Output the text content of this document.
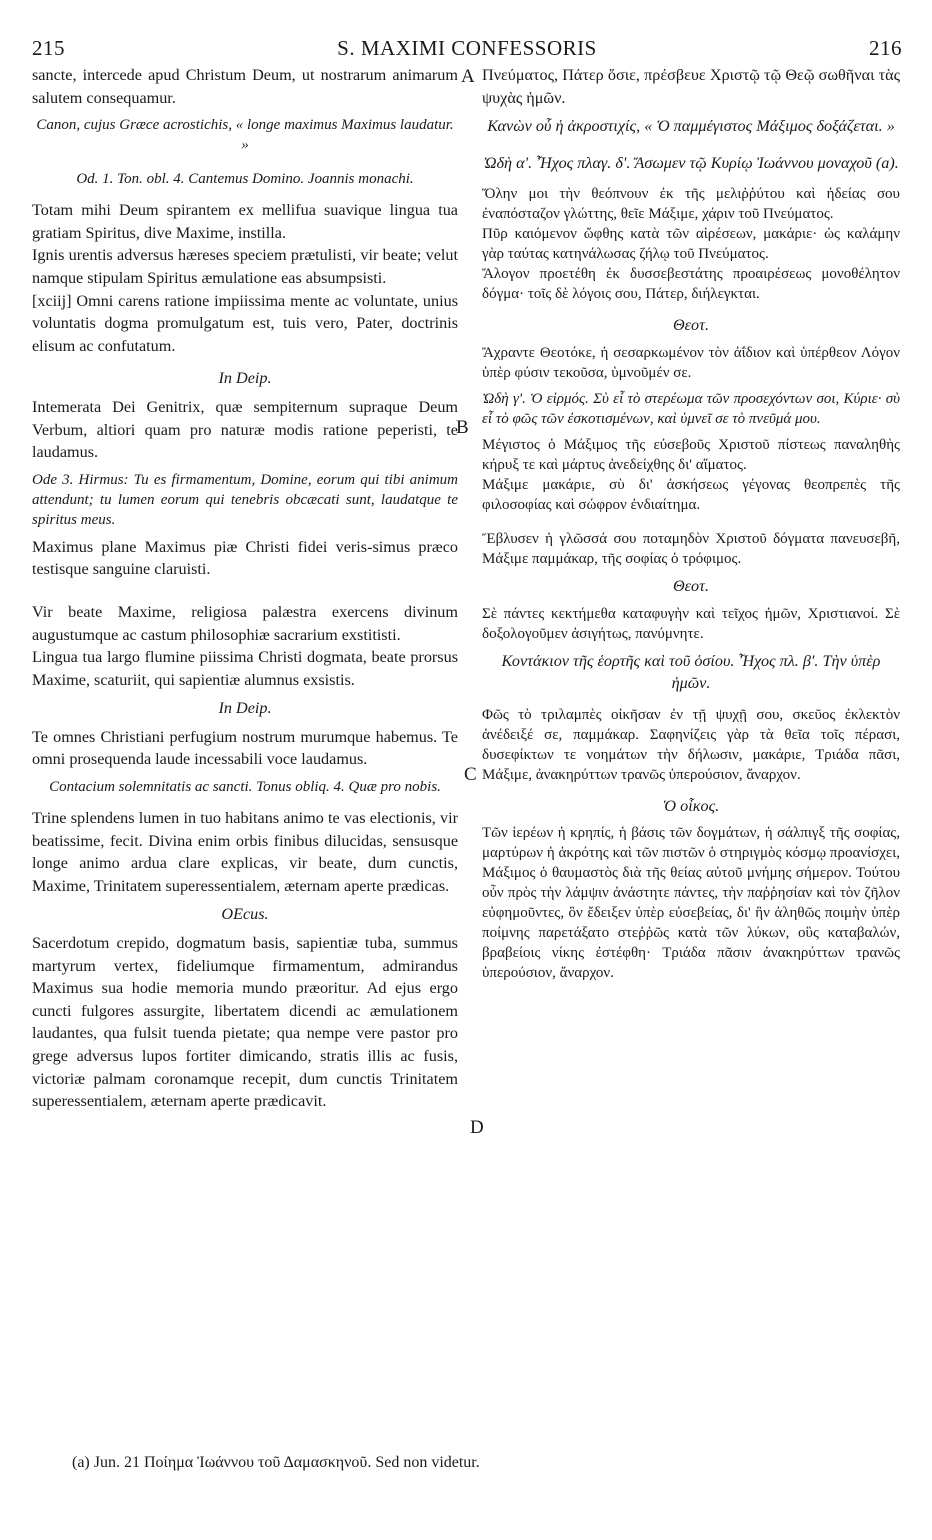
215	S. MAXIMI CONFESSORIS	216
A
B
C
D

sancte, intercede apud Christum Deum, ut nostrarum animarum salutem consequamur.

Canon, cujus Græce acrostichis, « longe maximus Maximus laudatur. »

Od. 1. Ton. obl. 4. Cantemus Domino. Joannis monachi.

Totam mihi Deum spirantem ex mellifua suavique lingua tua gratiam Spiritus, dive Maxime, instilla.

Ignis urentis adversus hæreses speciem prætulisti, vir beate; velut namque stipulam Spiritus æmulatione eas absumpsisti.

[xciij] Omni carens ratione impiissima mente ac voluntate, unius voluntatis dogma promulgatum est, tuis vero, Pater, doctrinis elisum ac confutatum.

In Deip.

Intemerata Dei Genitrix, quæ sempiternum supraque Deum Verbum, altiori quam pro naturæ modis ratione peperisti, te laudamus.

Ode 3. Hirmus: Tu es firmamentum, Domine, eorum qui tibi animum attendunt; tu lumen eorum qui tenebris obcæcati sunt, laudatque te spiritus meus.

Maximus plane Maximus piæ Christi fidei veris-simus præco testisque sanguine claruisti.

Vir beate Maxime, religiosa palæstra exercens divinum augustumque ac castum philosophiæ sacrarium exstitisti.

Lingua tua largo flumine piissima Christi dogmata, beate prorsus Maxime, scaturiit, qui sapientiæ alumnus exsistis.

In Deip.

Te omnes Christiani perfugium nostrum murumque habemus. Te omni prosequenda laude incessabili voce laudamus.

Contacium solemnitatis ac sancti. Tonus obliq. 4. Quæ pro nobis.

Trine splendens lumen in tuo habitans animo te vas electionis, vir beatissime, fecit. Divina enim orbis finibus dilucidas, sensusque longe animo ardua clare explicas, vir beate, dum cunctis, Maxime, Trinitatem superessentialem, æternam aperte prædicas.

OEcus.

Sacerdotum crepido, dogmatum basis, sapientiæ tuba, summus martyrum vertex, fideliumque firmamentum, admirandus Maximus sua hodie memoria mundo præoritur. Ad ejus ergo cuncti fulgores assurgite, libertatem dicendi ac æmulationem laudantes, qua fulsit tuenda pietate; qua nempe vere pastor pro grege adversus lupos fortiter dimicando, stratis illis ac fusis, victoriæ palmam coronamque recepit, dum cunctis Trinitatem superessentialem, æternam aperte prædicavit.

Πνεύματος, Πάτερ ὅσιε, πρέσβευε Χριστῷ τῷ Θεῷ σωθῆναι τὰς ψυχὰς ἡμῶν.

Κανὼν οὗ ἡ ἀκροστιχίς, « Ὁ παμμέγιστος Μάξιμος δοξάζεται. »

Ὠδὴ α'. Ἦχος πλαγ. δ'. Ἄσωμεν τῷ Κυρίῳ Ἰωάννου μοναχοῦ (a).

Ὅλην μοι τὴν θεόπνουν ἐκ τῆς μελιῤῥύτου καὶ ἡδείας σου ἐναπόσταζον γλώττης, θεῖε Μάξιμε, χάριν τοῦ Πνεύματος.

Πῦρ καιόμενον ὤφθης κατὰ τῶν αἱρέσεων, μακάριε· ὡς καλάμην γὰρ ταύτας κατηνάλωσας ζήλῳ τοῦ Πνεύματος.

Ἄλογον προετέθη ἐκ δυσσεβεστάτης προαιρέσεως μονοθέλητον δόγμα· τοῖς δὲ λόγοις σου, Πάτερ, διήλεγκται.

Θεοτ.

Ἄχραντε Θεοτόκε, ἡ σεσαρκωμένον τὸν ἀΐδιον καὶ ὑπέρθεον Λόγον ὑπὲρ φύσιν τεκοῦσα, ὑμνοῦμέν σε.

Ὠδὴ γ'. Ὁ εἱρμός. Σὺ εἶ τὸ στερέωμα τῶν προσεχόντων σοι, Κύριε· σὺ εἶ τὸ φῶς τῶν ἐσκοτισμένων, καὶ ὑμνεῖ σε τὸ πνεῦμά μου.

Μέγιστος ὁ Μάξιμος τῆς εὐσεβοῦς Χριστοῦ πίστεως παναληθὴς κήρυξ τε καὶ μάρτυς ἀνεδείχθης δι' αἵματος.

Μάξιμε μακάριε, σὺ δι' ἀσκήσεως γέγονας θεοπρεπὲς τῆς φιλοσοφίας καὶ σώφρον ἐνδιαίτημα.

Ἔβλυσεν ἡ γλῶσσά σου ποταμηδὸν Χριστοῦ δόγματα πανευσεβῆ, Μάξιμε παμμάκαρ, τῆς σοφίας ὁ τρόφιμος.

Θεοτ.

Σὲ πάντες κεκτήμεθα καταφυγὴν καὶ τεῖχος ἡμῶν, Χριστιανοί. Σὲ δοξολογοῦμεν ἀσιγήτως, πανύμνητε.

Κοντάκιον τῆς ἑορτῆς καὶ τοῦ ὁσίου. Ἦχος πλ. β'. Τὴν ὑπὲρ ἡμῶν.

Φῶς τὸ τριλαμπὲς οἰκῆσαν ἐν τῇ ψυχῇ σου, σκεῦος ἐκλεκτὸν ἀνέδειξέ σε, παμμάκαρ. Σαφηνίζεις γὰρ τὰ θεῖα τοῖς πέρασι, δυσεφίκτων τε νοημάτων τὴν δήλωσιν, μακάριε, Τριάδα πᾶσι, Μάξιμε, ἀνακηρύττων τρανῶς ὑπερούσιον, ἄναρχον.

Ὁ οἶκος.

Τῶν ἱερέων ἡ κρηπίς, ἡ βάσις τῶν δογμάτων, ἡ σάλπιγξ τῆς σοφίας, μαρτύρων ἡ ἀκρότης καὶ τῶν πιστῶν ὁ στηριγμὸς κόσμῳ προανίσχει, Μάξιμος ὁ θαυμαστὸς διὰ τῆς θείας αὐτοῦ μνήμης σήμερον. Τούτου οὖν πρὸς τὴν λάμψιν ἀνάστητε πάντες, τὴν παῤῥησίαν καὶ τὸν ζῆλον εὐφημοῦντες, ὃν ἔδειξεν ὑπὲρ εὐσεβείας, δι' ἣν ἀληθῶς ποιμὴν ὑπὲρ ποίμνης παρετάξατο στεῤῥῶς κατὰ τῶν λύκων, οὓς καταβαλών, βραβείοις νίκης ἐστέφθη· Τριάδα πᾶσιν ἀνακηρύττων τρανῶς ὑπερούσιον, ἄναρχον.

(a) Jun. 21 Ποίημα Ἰωάννου τοῦ Δαμασκηνοῦ. Sed non videtur.
